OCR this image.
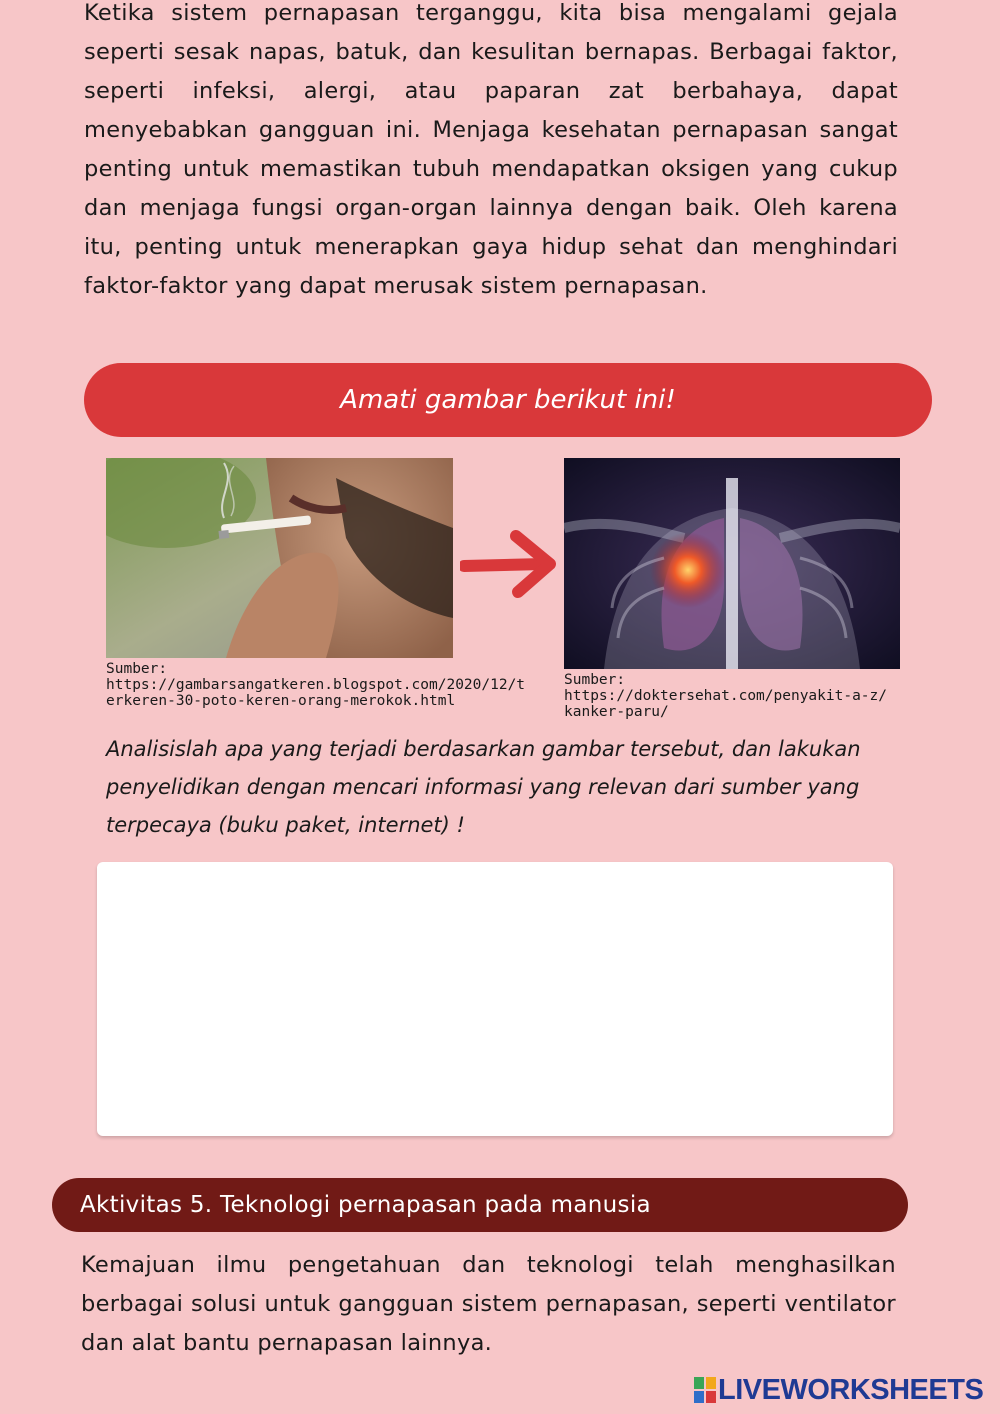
Ketika sistem pernapasan terganggu, kita bisa mengalami gejala seperti sesak napas, batuk, dan kesulitan bernapas. Berbagai faktor, seperti infeksi, alergi, atau paparan zat berbahaya, dapat menyebabkan gangguan ini. Menjaga kesehatan pernapasan sangat penting untuk memastikan tubuh mendapatkan oksigen yang cukup dan menjaga fungsi organ-organ lainnya dengan baik. Oleh karena itu, penting untuk menerapkan gaya hidup sehat dan menghindari faktor-faktor yang dapat merusak sistem pernapasan.

Amati gambar berikut ini!

Sumber:
https://gambarsangatkeren.blogspot.com/2020/12/terkeren-30-poto-keren-orang-merokok.html

Sumber:
https://doktersehat.com/penyakit-a-z/kanker-paru/

Analisislah apa yang terjadi berdasarkan gambar tersebut, dan lakukan penyelidikan dengan mencari informasi yang relevan dari sumber yang terpecaya (buku paket, internet) !

Aktivitas 5. Teknologi pernapasan pada manusia

Kemajuan ilmu pengetahuan dan teknologi telah menghasilkan berbagai solusi untuk gangguan sistem pernapasan, seperti ventilator dan alat bantu pernapasan lainnya.

LIVEWORKSHEETS
